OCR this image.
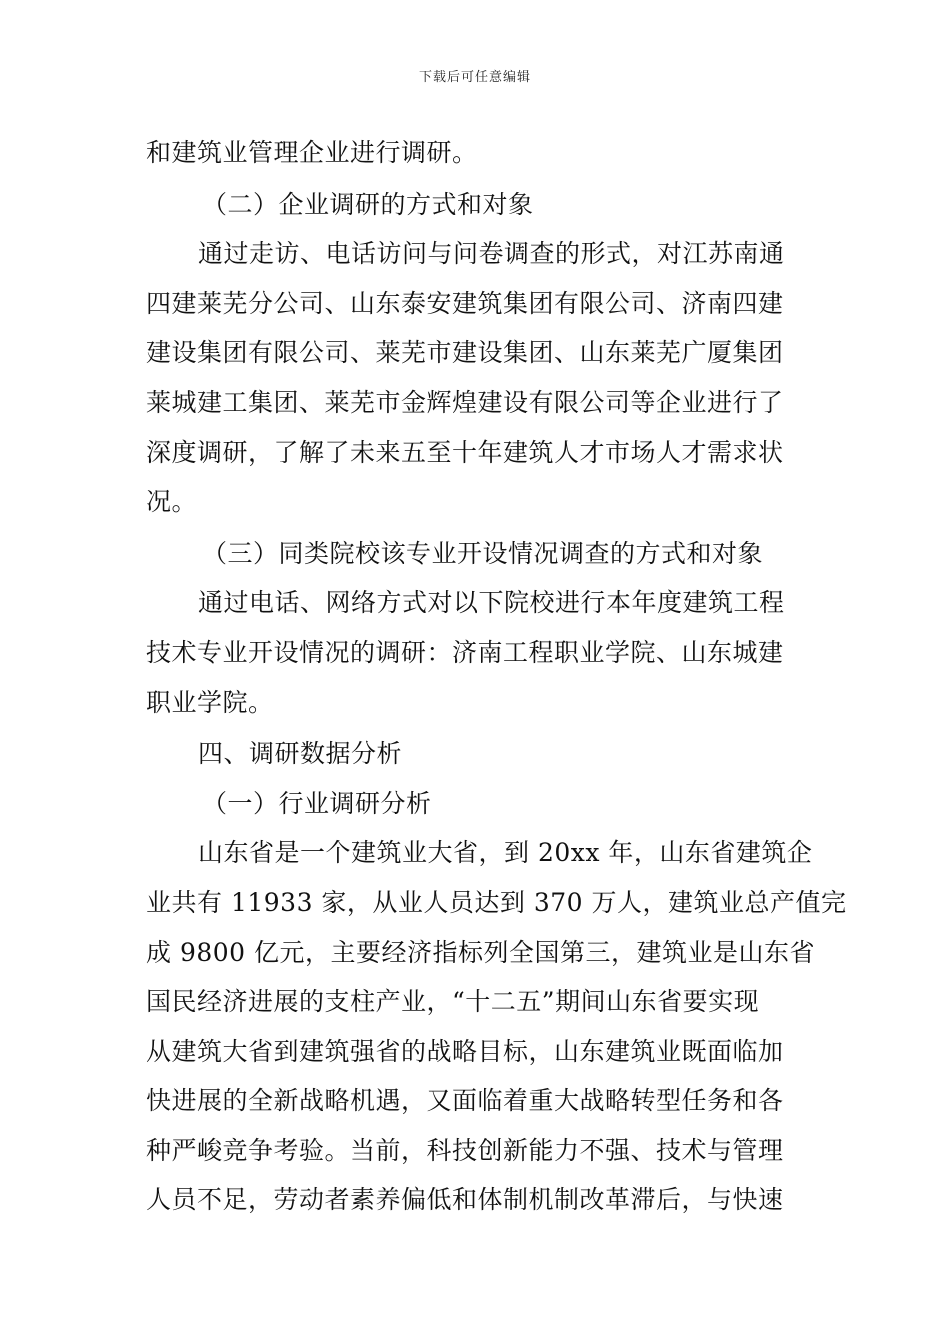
下载后可任意编辑
和建筑业管理企业进行调研。
（二）企业调研的方式和对象
通过走访、电话访问与问卷调查的形式，对江苏南通
四建莱芜分公司、山东泰安建筑集团有限公司、济南四建
建设集团有限公司、莱芜市建设集团、山东莱芜广厦集团
莱城建工集团、莱芜市金辉煌建设有限公司等企业进行了
深度调研，了解了未来五至十年建筑人才市场人才需求状
况。
（三）同类院校该专业开设情况调查的方式和对象
通过电话、网络方式对以下院校进行本年度建筑工程
技术专业开设情况的调研：济南工程职业学院、山东城建
职业学院。
四、调研数据分析
（一）行业调研分析
山东省是一个建筑业大省，到 20xx 年，山东省建筑企
业共有 11933 家，从业人员达到 370 万人，建筑业总产值完
成 9800 亿元，主要经济指标列全国第三，建筑业是山东省
国民经济进展的支柱产业，“十二五”期间山东省要实现
从建筑大省到建筑强省的战略目标，山东建筑业既面临加
快进展的全新战略机遇，又面临着重大战略转型任务和各
种严峻竞争考验。当前，科技创新能力不强、技术与管理
人员不足，劳动者素养偏低和体制机制改革滞后，与快速
